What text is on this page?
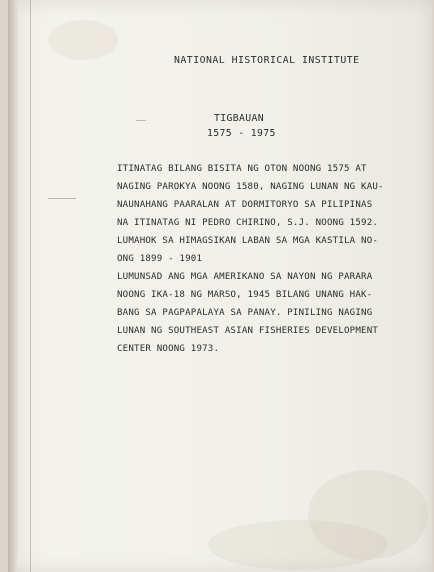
NATIONAL HISTORICAL INSTITUTE
TIGBAUAN
1575 - 1975
ITINATAG BILANG BISITA NG OTON NOONG 1575 AT
NAGING PAROKYA NOONG 1580, NAGING LUNAN NG KAU-
NAUNAHANG PAARALAN AT DORMITORYO SA PILIPINAS
NA ITINATAG NI PEDRO CHIRINO, S.J. NOONG 1592.
LUMAHOK SA HIMAGSIKAN LABAN SA MGA KASTILA NO-
ONG 1899 - 1901
LUMUNSAD ANG MGA AMERIKANO SA NAYON NG PARARA
NOONG IKA-18 NG MARSO, 1945 BILANG UNANG HAK-
BANG SA PAGPAPALAYA SA PANAY. PINILING NAGING
LUNAN NG SOUTHEAST ASIAN FISHERIES DEVELOPMENT
CENTER NOONG 1973.
